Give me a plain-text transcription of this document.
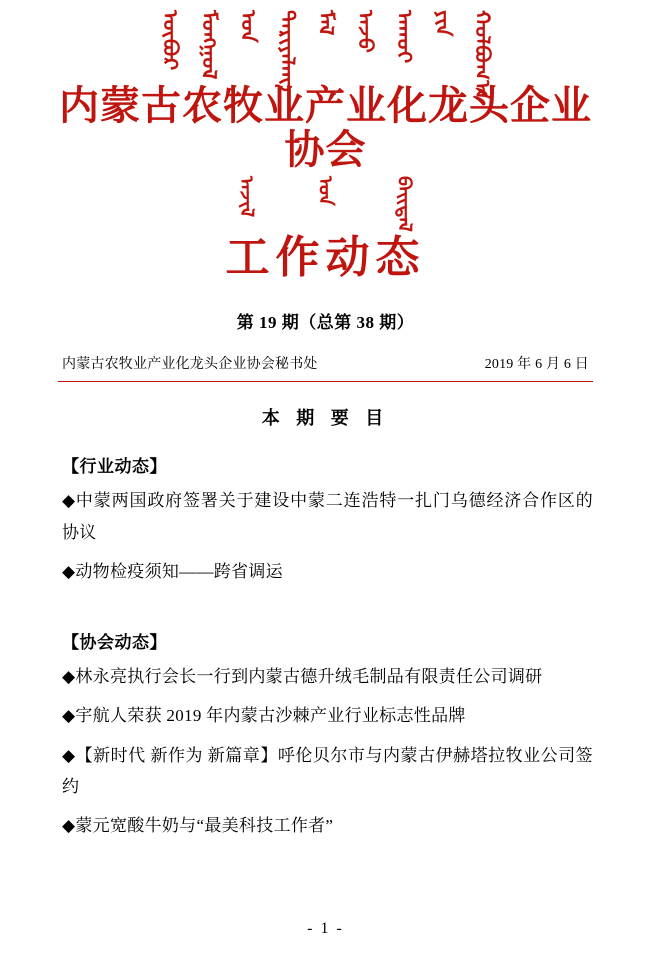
ᠦᠪᠦᠷ ᠮᠣᠩᠭᠣᠯ ᠤᠨ ᠲᠠᠷᠢᠶᠠᠯᠠᠩ ᠮᠠᠯ ᠠᠵᠤ ᠠᠬᠤᠢ ᠶᠢᠨ ᠬᠣᠯᠪᠣᠭ᠎ᠠ
内蒙古农牧业产业化龙头企业协会
ᠠᠵᠢᠯ	ᠤᠨ	ᠪᠠᠢᠳᠠᠯ
工作动态
第 19 期（总第 38 期）
内蒙古农牧业产业化龙头企业协会秘书处	2019 年 6 月 6 日
本 期 要 目
【行业动态】
◆中蒙两国政府签署关于建设中蒙二连浩特一扎门乌德经济合作区的协议
◆动物检疫须知——跨省调运
【协会动态】
◆林永亮执行会长一行到内蒙古德升绒毛制品有限责任公司调研
◆宇航人荣获 2019 年内蒙古沙棘产业行业标志性品牌
◆【新时代 新作为 新篇章】呼伦贝尔市与内蒙古伊赫塔拉牧业公司签约
◆蒙元宽酸牛奶与“最美科技工作者”
- 1 -
